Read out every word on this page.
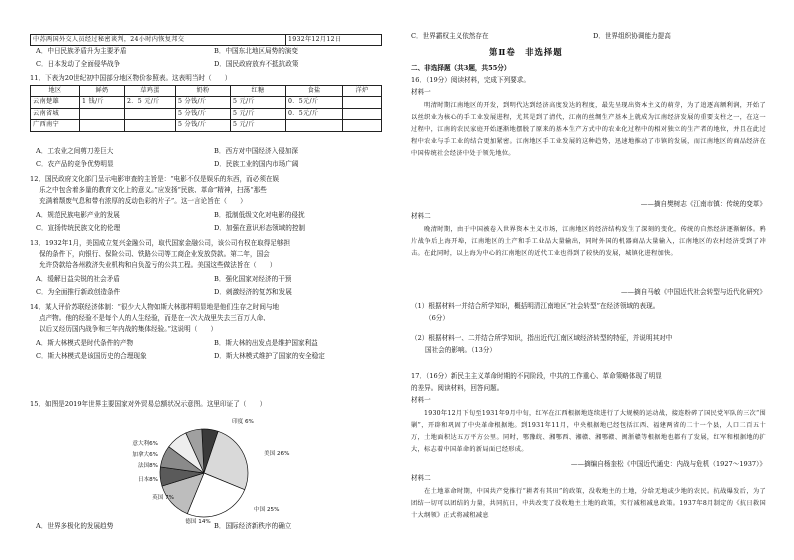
中苏两国外交人员经过秘密谈判，24小时内恢复邦交	1932年12月12日
A．中日民族矛盾升为主要矛盾	B．中国东北地区局势的演变
C．日本发动了全面侵华战争	D．国民政府放弃不抵抗政策
11．下表为20世纪初中国部分地区物价参照表。这表明当时（　　）
地区	鲜奶	草鸡蛋	奶粉	红糖	食盐	洋炉
云南楚雄	1 钱/斤	2．5 元/斤	5 分钱/斤	5 元/斤	0．5元/斤	
云南省城			5 分钱/斤	5 元/斤	0．5元/斤	
广西南宁			5 分钱/斤	5 元/斤		
A．工农业之间剪刀差巨大	B．西方对中国经济入侵加深
C．农产品的竞争优势明显	D．民族工业的国内市场广阔
12．国民政府文化部门呈示电影审查的主旨是：“电影不仅是娱乐的东西，而必须在娱
乐之中包含着多量的教育文化上的意义。”应发扬“民族、革命”精神，扫荡“那些
充满着颓废气息和带有浓厚的反动色彩的片子”。这一言论旨在（　　）
A．规范民族电影产业的发展	B．抵制低级文化对电影的侵扰
C．宣扬传统民族文化的伦理	D．加强在意识形态领域的控制
13．1932年1月，美国成立复兴金融公司，取代国家金融公司，该公司有权在取得足够担
保的条件下，向银行、保险公司、铁路公司等工商企业发放贷款。第二年，国会
允许贷款给各州救济失业机构和自负盈亏的公共工程。美国这些做法旨在（　　）
A．缓解日益尖锐的社会矛盾	B．强化国家对经济的干预
C．为全面推行新政创造条件	D．刺激经济的复苏和发展
14．某人评价苏联经济体制：“很少大人物如斯大林那样明显地是他们生存之时间与地
点产物。他的经验不是每个人的人生经验，而是在一次大战里失去三百万人命、
以后又经历国内战争和三年内战的集体经验。”这说明（　　）
A．斯大林模式是时代条件的产物	B．斯大林的出发点是维护国家利益
C．斯大林模式是该国历史的合理现象	D．斯大林模式维护了国家的安全稳定
15．如图是2019年世界主要国家对外贸易总额状况示意图。这里印证了（　　）
印度 6%
美国 26%
中国 25%
德国 14%
英国 7%
日本8%
法国8%
意大利6%
加拿大6%
A．世界多极化的发展趋势	B．国际经济新秩序的确立
C．世界霸权主义依然存在	D．世界组织协调能力提高
第Ⅱ卷　非选择题
二、非选择题（共3题，共55分）
16．（19分）阅读材料，完成下列要求。
材料一
　　明清时期江南地区的开发，到明代达到经济高度发达的程度，最先呈现出资本主义的萌芽，为了追逐高额利润，开始了以丝织业为核心的手工业发展进程，尤其是到了清代，江南的丝绸生产基本上就成为江南经济发展的重要支柱之一，在这一过程中，江南的农民家庭开始逐渐地摆脱了原来的基本生产方式中的农业化过程中的相对独立的生产者的地位，并且在此过程中农业与手工业的结合更加紧密。江南地区手工业发展的这种趋势，迅速地推动了市镇的发展，而江南地区的商品经济在中国传统社会经济中处于领先地位。
——摘自樊树志《江南市镇：传统的变革》
材料二
　　晚清时期，由于中国被卷入世界资本主义市场，江南地区的经济结构发生了深刻的变化，传统的自然经济逐渐解体。鸦片战争后上海开埠，江南地区的土产和手工业品大量输出，同时外国的机器商品大量输入，江南地区的农村经济受到了冲击。在此同时，以上海为中心的江南地区的近代工业也得到了较快的发展，城镇化进程加快。
——摘自马敏《中国近代社会转型与近代化研究》
（1）根据材料一并结合所学知识，概括明清江南地区“社会转型”在经济领域的表现。
（6分）
（2）根据材料一、二并结合所学知识，指出近代江南区域经济转型的特征，并说明其对中
国社会的影响。（13分）
17．（16分）新民主主义革命时期的不同阶段，中共的工作重心、革命策略体现了明显
的差异。阅读材料，回答问题。
材料一
　　1930年12月下旬至1931年9月中旬，红军在江西根据地连续进行了大规模的运动战，接连粉碎了国民党军队的三次“围剿”，开辟和巩固了中央革命根据地。到1931年11月，中央根据地已经包括江西、福建两省的二十一个县，人口二百五十万，土地面积达五万平方公里。同时，鄂豫皖、湘鄂西、湘赣、湘鄂赣、闽浙赣等根据地也都有了发展，红军和根据地的扩大，标志着中国革命的新局面已经形成。
——摘编自杨奎松《中国近代通史：内战与危机（1927～1937）》
材料二
　　在土地革命时期，中国共产党推行“耕者有其田”的政策，没收地主的土地，分给无地或少地的农民。抗战爆发后，为了团结一切可以团结的力量，共同抗日，中共改变了没收地主土地的政策，实行减租减息政策。1937年8月制定的《抗日救国十大纲领》正式将减租减息
